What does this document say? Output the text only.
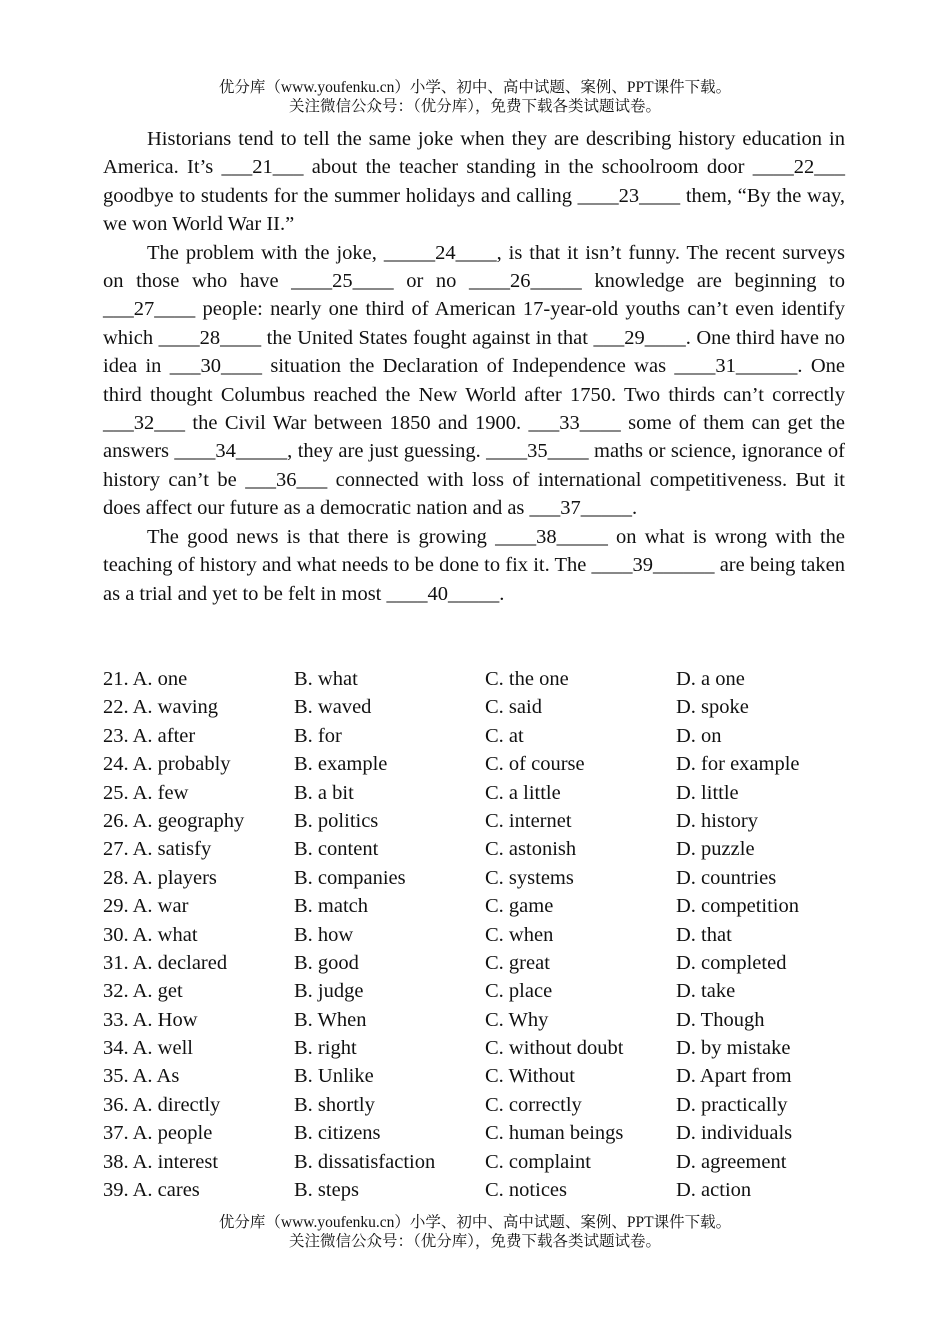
优分库（www.youfenku.cn）小学、初中、高中试题、案例、PPT课件下载。
关注微信公众号：（优分库），免费下载各类试题试卷。

Historians tend to tell the same joke when they are describing history education in America. It’s ___21___ about the teacher standing in the schoolroom door ____22___ goodbye to students for the summer holidays and calling ____23____ them, “By the way, we won World War II.”

The problem with the joke, _____24____, is that it isn’t funny. The recent surveys on those who have ____25____ or no ____26_____ knowledge are beginning to ___27____ people: nearly one third of American 17-year-old youths can’t even identify which ____28____ the United States fought against in that ___29____. One third have no idea in ___30____ situation the Declaration of Independence was ____31______. One third thought Columbus reached the New World after 1750. Two thirds can’t correctly ___32___ the Civil War between 1850 and 1900. ___33____ some of them can get the answers ____34_____, they are just guessing. ____35____ maths or science, ignorance of history can’t be ___36___ connected with loss of international competitiveness. But it does affect our future as a democratic nation and as ___37_____.

The good news is that there is growing ____38_____ on what is wrong with the teaching of history and what needs to be done to fix it. The ____39______ are being taken as a trial and yet to be felt in most ____40_____.

21. A. one	B. what	C. the one	D. a one
22. A. waving	B. waved	C. said	D. spoke
23. A. after	B. for	C. at	D. on
24. A. probably	B. example	C. of course	D. for example
25. A. few	B. a bit	C. a little	D. little
26. A. geography	B. politics	C. internet	D. history
27. A. satisfy	B. content	C. astonish	D. puzzle
28. A. players	B. companies	C. systems	D. countries
29. A. war	B. match	C. game	D. competition
30. A. what	B. how	C. when	D. that
31. A. declared	B. good	C. great	D. completed
32. A. get	B. judge	C. place	D. take
33. A. How	B. When	C. Why	D. Though
34. A. well	B. right	C. without doubt	D. by mistake
35. A. As	B. Unlike	C. Without	D. Apart from
36. A. directly	B. shortly	C. correctly	D. practically
37. A. people	B. citizens	C. human beings	D. individuals
38. A. interest	B. dissatisfaction	C. complaint	D. agreement
39. A. cares	B. steps	C. notices	D. action
优分库（www.youfenku.cn）小学、初中、高中试题、案例、PPT课件下载。
关注微信公众号：（优分库），免费下载各类试题试卷。
